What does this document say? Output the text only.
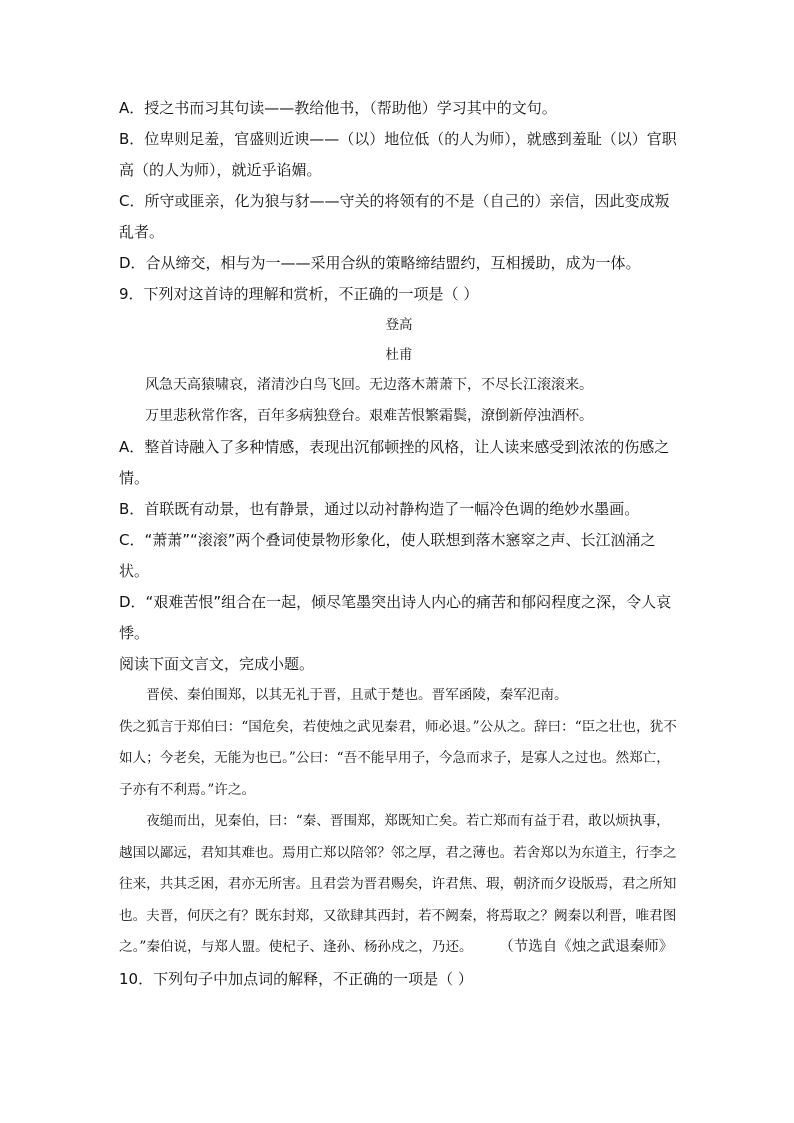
A．授之书而习其句读——教给他书，（帮助他）学习其中的文句。

B．位卑则足羞，官盛则近谀——（以）地位低（的人为师），就感到羞耻（以）官职高（的人为师），就近乎谄媚。

C．所守或匪亲，化为狼与豺——守关的将领有的不是（自己的）亲信，因此变成叛乱者。

D．合从缔交，相与为一——采用合纵的策略缔结盟约，互相援助，成为一体。

9．下列对这首诗的理解和赏析，不正确的一项是（ ）

登高

杜甫

风急天高猿啸哀，渚清沙白鸟飞回。无边落木萧萧下，不尽长江滚滚来。

万里悲秋常作客，百年多病独登台。艰难苦恨繁霜鬓，潦倒新停浊酒杯。

A．整首诗融入了多种情感，表现出沉郁顿挫的风格，让人读来感受到浓浓的伤感之情。

B．首联既有动景，也有静景，通过以动衬静构造了一幅冷色调的绝妙水墨画。

C．“萧萧”“滚滚”两个叠词使景物形象化，使人联想到落木窸窣之声、长江汹涌之状。

D．“艰难苦恨”组合在一起，倾尽笔墨突出诗人内心的痛苦和郁闷程度之深，令人哀悸。

阅读下面文言文，完成小题。

晋侯、秦伯围郑，以其无礼于晋，且贰于楚也。晋军函陵，秦军氾南。

佚之狐言于郑伯曰：“国危矣，若使烛之武见秦君，师必退。”公从之。辞曰：“臣之壮也，犹不如人；今老矣，无能为也已。”公曰：“吾不能早用子，今急而求子，是寡人之过也。然郑亡，子亦有不利焉。”许之。

夜缒而出，见秦伯，曰：“秦、晋围郑，郑既知亡矣。若亡郑而有益于君，敢以烦执事，越国以鄙远，君知其难也。焉用亡郑以陪邻？邻之厚，君之薄也。若舍郑以为东道主，行李之往来，共其乏困，君亦无所害。且君尝为晋君赐矣，许君焦、瑕，朝济而夕设版焉，君之所知也。夫晋，何厌之有？既东封郑，又欲肆其西封，若不阙秦，将焉取之？阙秦以利晋，唯君图之。”秦伯说，与郑人盟。使杞子、逢孙、杨孙戍之，乃还。 （节选自《烛之武退秦师》

10．下列句子中加点词的解释，不正确的一项是（ ）
